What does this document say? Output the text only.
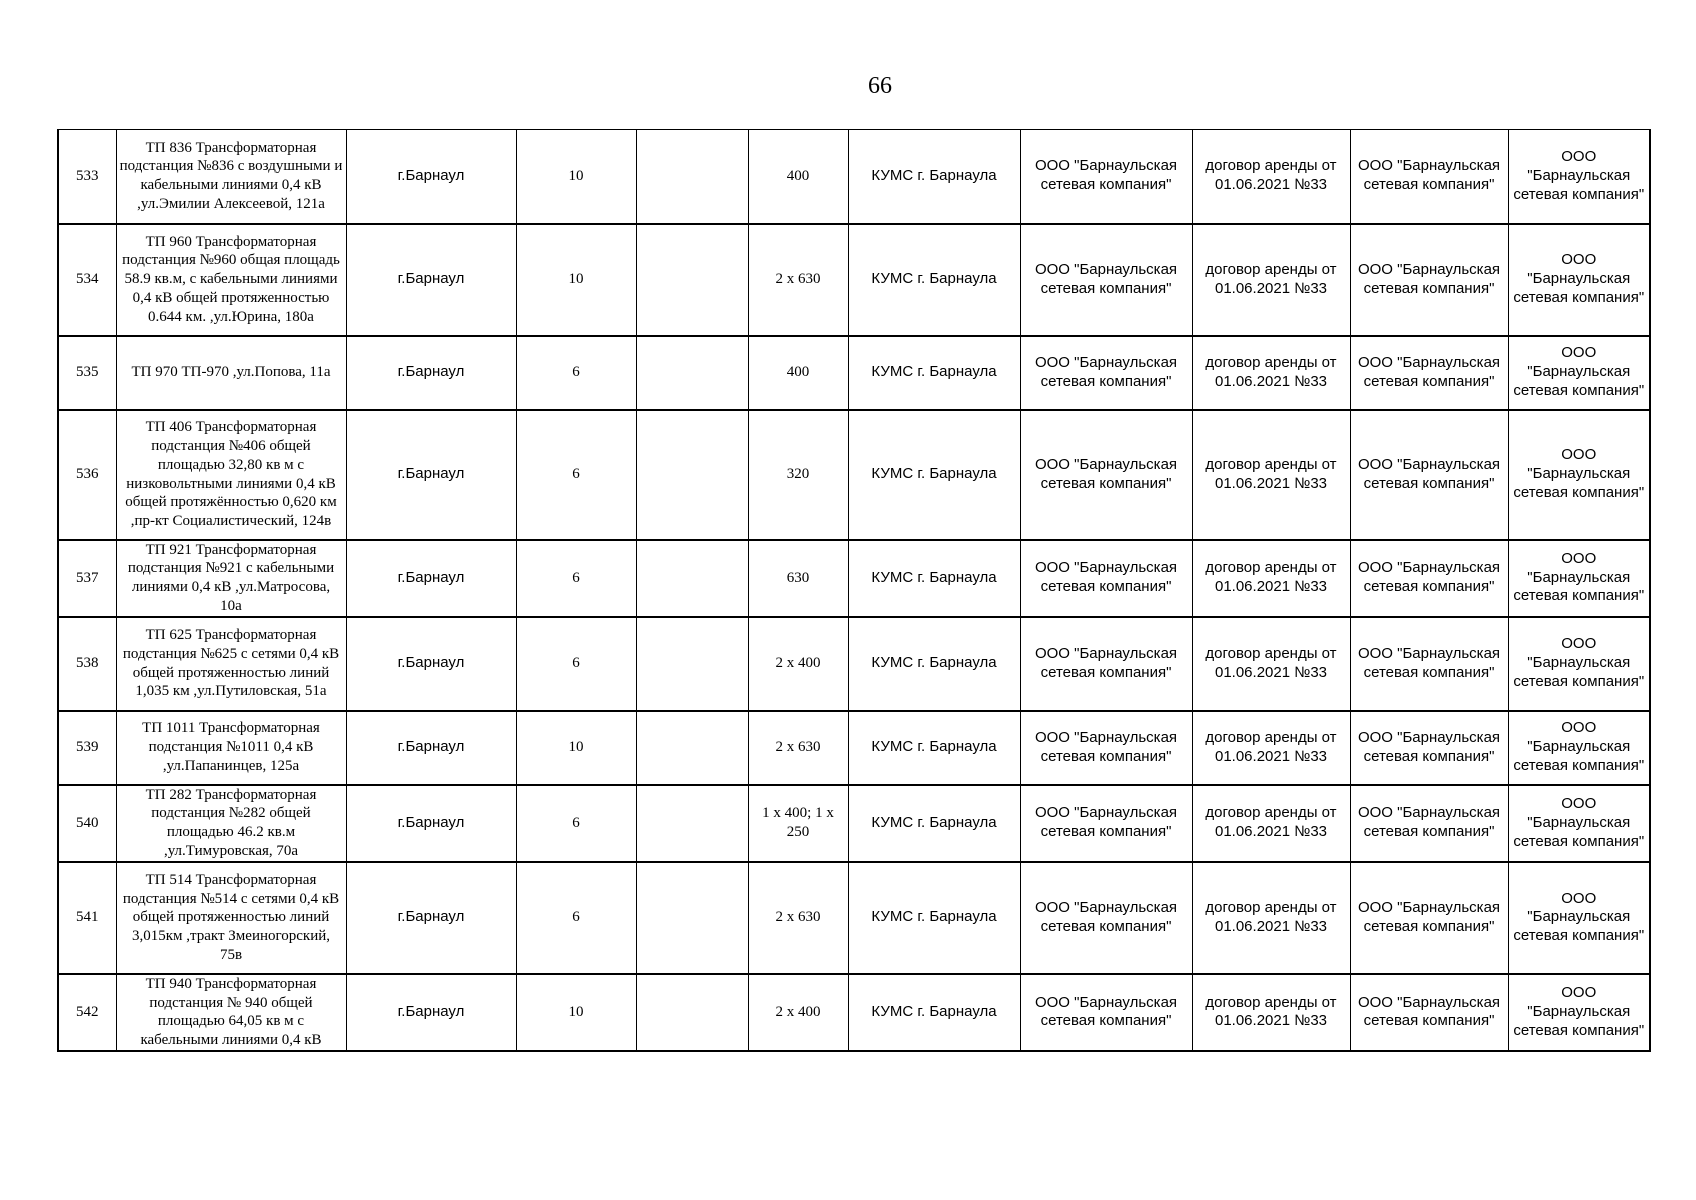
66
533	ТП 836 Трансформаторная подстанция №836 с воздушными и кабельными линиями 0,4 кВ ,ул.Эмилии Алексеевой, 121а	г.Барнаул	10		400	КУМС г. Барнаула	ООО "Барнаульская сетевая компания"	договор аренды от 01.06.2021 №33	ООО "Барнаульская сетевая компания"	ООО "Барнаульская сетевая компания"
534	ТП 960 Трансформаторная подстанция №960 общая площадь 58.9 кв.м, с кабельными линиями 0,4 кВ общей протяженностью 0.644 км. ,ул.Юрина, 180а	г.Барнаул	10		2 х 630	КУМС г. Барнаула	ООО "Барнаульская сетевая компания"	договор аренды от 01.06.2021 №33	ООО "Барнаульская сетевая компания"	ООО "Барнаульская сетевая компания"
535	ТП 970 ТП-970 ,ул.Попова, 11а	г.Барнаул	6		400	КУМС г. Барнаула	ООО "Барнаульская сетевая компания"	договор аренды от 01.06.2021 №33	ООО "Барнаульская сетевая компания"	ООО "Барнаульская сетевая компания"
536	ТП 406 Трансформаторная подстанция №406 общей площадью 32,80 кв м с низковольтными линиями 0,4 кВ общей протяжённостью 0,620 км ,пр-кт Социалистический, 124в	г.Барнаул	6		320	КУМС г. Барнаула	ООО "Барнаульская сетевая компания"	договор аренды от 01.06.2021 №33	ООО "Барнаульская сетевая компания"	ООО "Барнаульская сетевая компания"
537	ТП 921 Трансформаторная подстанция №921 с кабельными линиями 0,4 кВ ,ул.Матросова, 10а	г.Барнаул	6		630	КУМС г. Барнаула	ООО "Барнаульская сетевая компания"	договор аренды от 01.06.2021 №33	ООО "Барнаульская сетевая компания"	ООО "Барнаульская сетевая компания"
538	ТП 625 Трансформаторная подстанция №625 с сетями 0,4 кВ общей протяженностью линий 1,035 км ,ул.Путиловская, 51а	г.Барнаул	6		2 х 400	КУМС г. Барнаула	ООО "Барнаульская сетевая компания"	договор аренды от 01.06.2021 №33	ООО "Барнаульская сетевая компания"	ООО "Барнаульская сетевая компания"
539	ТП 1011 Трансформаторная подстанция №1011 0,4 кВ ,ул.Папанинцев, 125а	г.Барнаул	10		2 х 630	КУМС г. Барнаула	ООО "Барнаульская сетевая компания"	договор аренды от 01.06.2021 №33	ООО "Барнаульская сетевая компания"	ООО "Барнаульская сетевая компания"
540	ТП 282 Трансформаторная подстанция №282 общей площадью 46.2 кв.м ,ул.Тимуровская, 70а	г.Барнаул	6		1 х 400; 1 х 250	КУМС г. Барнаула	ООО "Барнаульская сетевая компания"	договор аренды от 01.06.2021 №33	ООО "Барнаульская сетевая компания"	ООО "Барнаульская сетевая компания"
541	ТП 514 Трансформаторная подстанция №514 с сетями 0,4 кВ общей протяженностью линий 3,015км ,тракт Змеиногорский, 75в	г.Барнаул	6		2 х 630	КУМС г. Барнаула	ООО "Барнаульская сетевая компания"	договор аренды от 01.06.2021 №33	ООО "Барнаульская сетевая компания"	ООО "Барнаульская сетевая компания"
542	ТП 940 Трансформаторная подстанция № 940 общей площадью 64,05 кв м с кабельными линиями 0,4 кВ	г.Барнаул	10		2 х 400	КУМС г. Барнаула	ООО "Барнаульская сетевая компания"	договор аренды от 01.06.2021 №33	ООО "Барнаульская сетевая компания"	ООО "Барнаульская сетевая компания"
